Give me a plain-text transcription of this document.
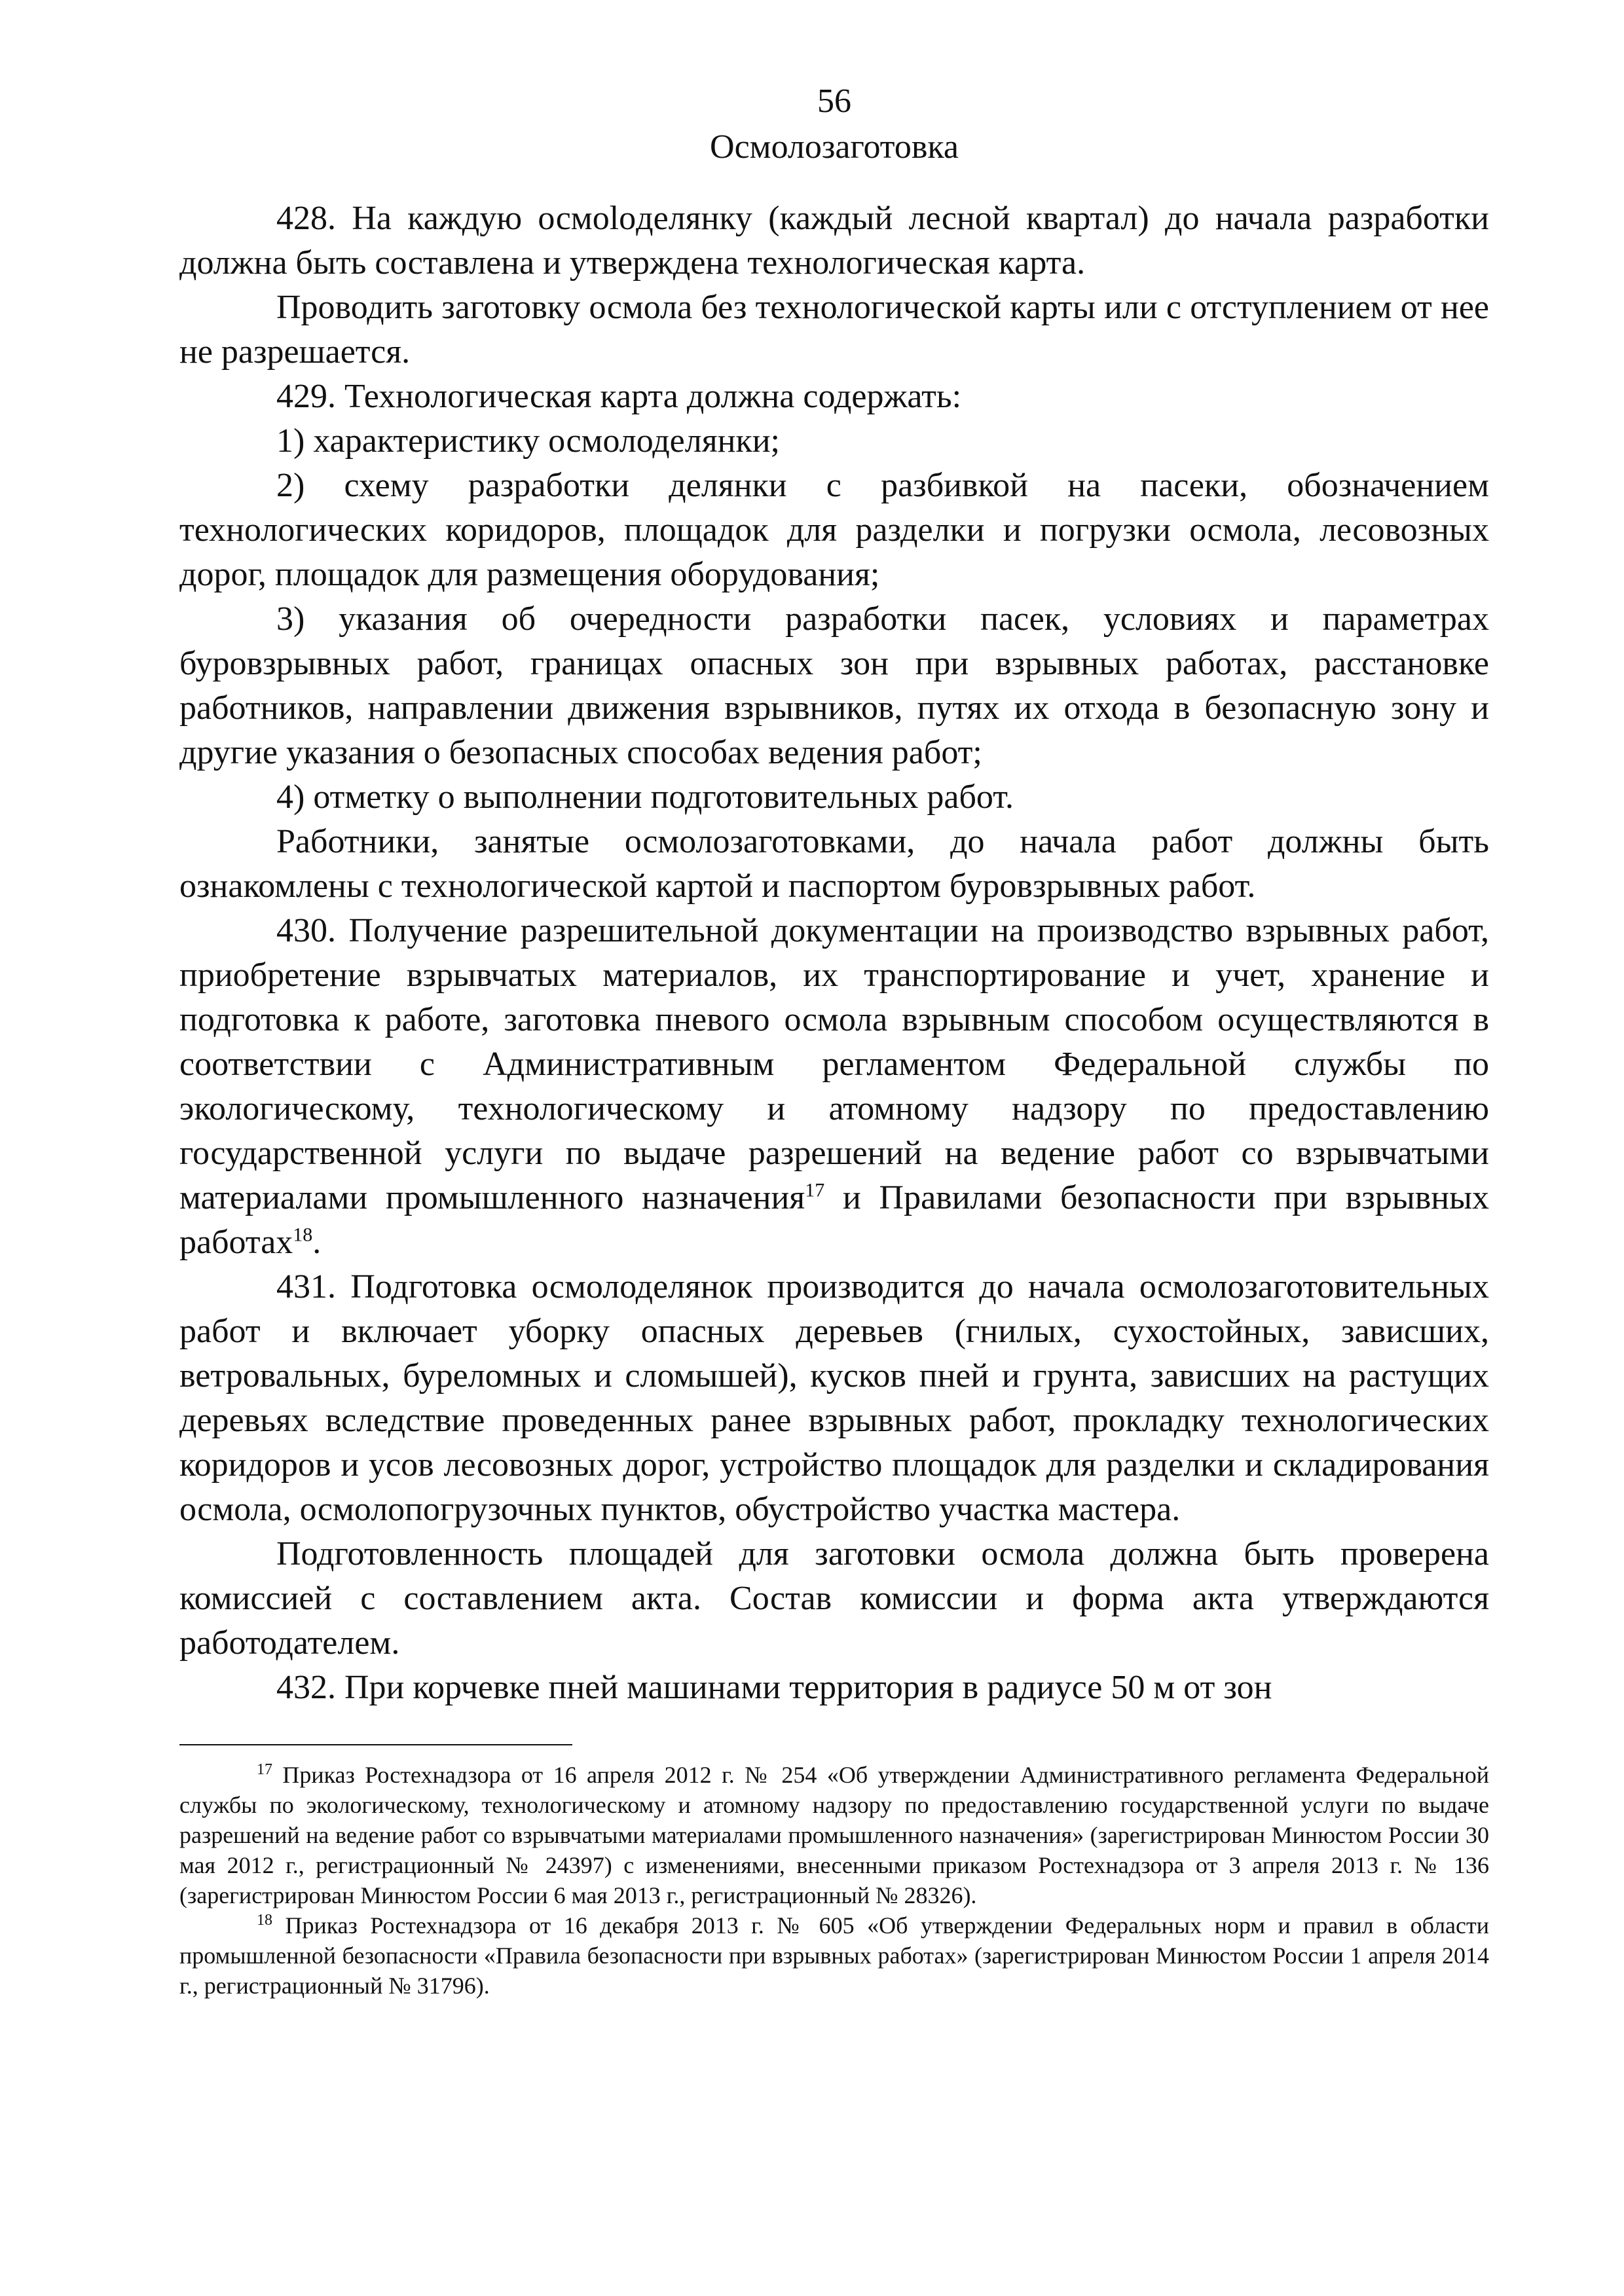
56
Осмолозаготовка

428. На каждую осмоloделянку (каждый лесной квартал) до начала разработки должна быть составлена и утверждена технологическая карта.

Проводить заготовку осмола без технологической карты или с отступлением от нее не разрешается.

429. Технологическая карта должна содержать:

1) характеристику осмолоделянки;

2) схему разработки делянки с разбивкой на пасеки, обозначением технологических коридоров, площадок для разделки и погрузки осмола, лесовозных дорог, площадок для размещения оборудования;

3) указания об очередности разработки пасек, условиях и параметрах буровзрывных работ, границах опасных зон при взрывных работах, расстановке работников, направлении движения взрывников, путях их отхода в безопасную зону и другие указания о безопасных способах ведения работ;

4) отметку о выполнении подготовительных работ.

Работники, занятые осмолозаготовками, до начала работ должны быть ознакомлены с технологической картой и паспортом буровзрывных работ.

430. Получение разрешительной документации на производство взрывных работ, приобретение взрывчатых материалов, их транспортирование и учет, хранение и подготовка к работе, заготовка пневого осмола взрывным способом осуществляются в соответствии с Административным регламентом Федеральной службы по экологическому, технологическому и атомному надзору по предоставлению государственной услуги по выдаче разрешений на ведение работ со взрывчатыми материалами промышленного назначения$^{17}$ и Правилами безопасности при взрывных работах$^{18}$.

431. Подготовка осмолоделянок производится до начала осмолозаготовительных работ и включает уборку опасных деревьев (гнилых, сухостойных, зависших, ветровальных, буреломных и сломышей), кусков пней и грунта, зависших на растущих деревьях вследствие проведенных ранее взрывных работ, прокладку технологических коридоров и усов лесовозных дорог, устройство площадок для разделки и складирования осмола, осмолопогрузочных пунктов, обустройство участка мастера.

Подготовленность площадей для заготовки осмола должна быть проверена комиссией с составлением акта. Состав комиссии и форма акта утверждаются работодателем.

432. При корчевке пней машинами территория в радиусе 50 м от зон

$^{17}$ Приказ Ростехнадзора от 16 апреля 2012 г. № 254 «Об утверждении Административного регламента Федеральной службы по экологическому, технологическому и атомному надзору по предоставлению государственной услуги по выдаче разрешений на ведение работ со взрывчатыми материалами промышленного назначения» (зарегистрирован Минюстом России 30 мая 2012 г., регистрационный № 24397) с изменениями, внесенными приказом Ростехнадзора от 3 апреля 2013 г. № 136 (зарегистрирован Минюстом России 6 мая 2013 г., регистрационный № 28326).

$^{18}$ Приказ Ростехнадзора от 16 декабря 2013 г. № 605 «Об утверждении Федеральных норм и правил в области промышленной безопасности «Правила безопасности при взрывных работах» (зарегистрирован Минюстом России 1 апреля 2014 г., регистрационный № 31796).
